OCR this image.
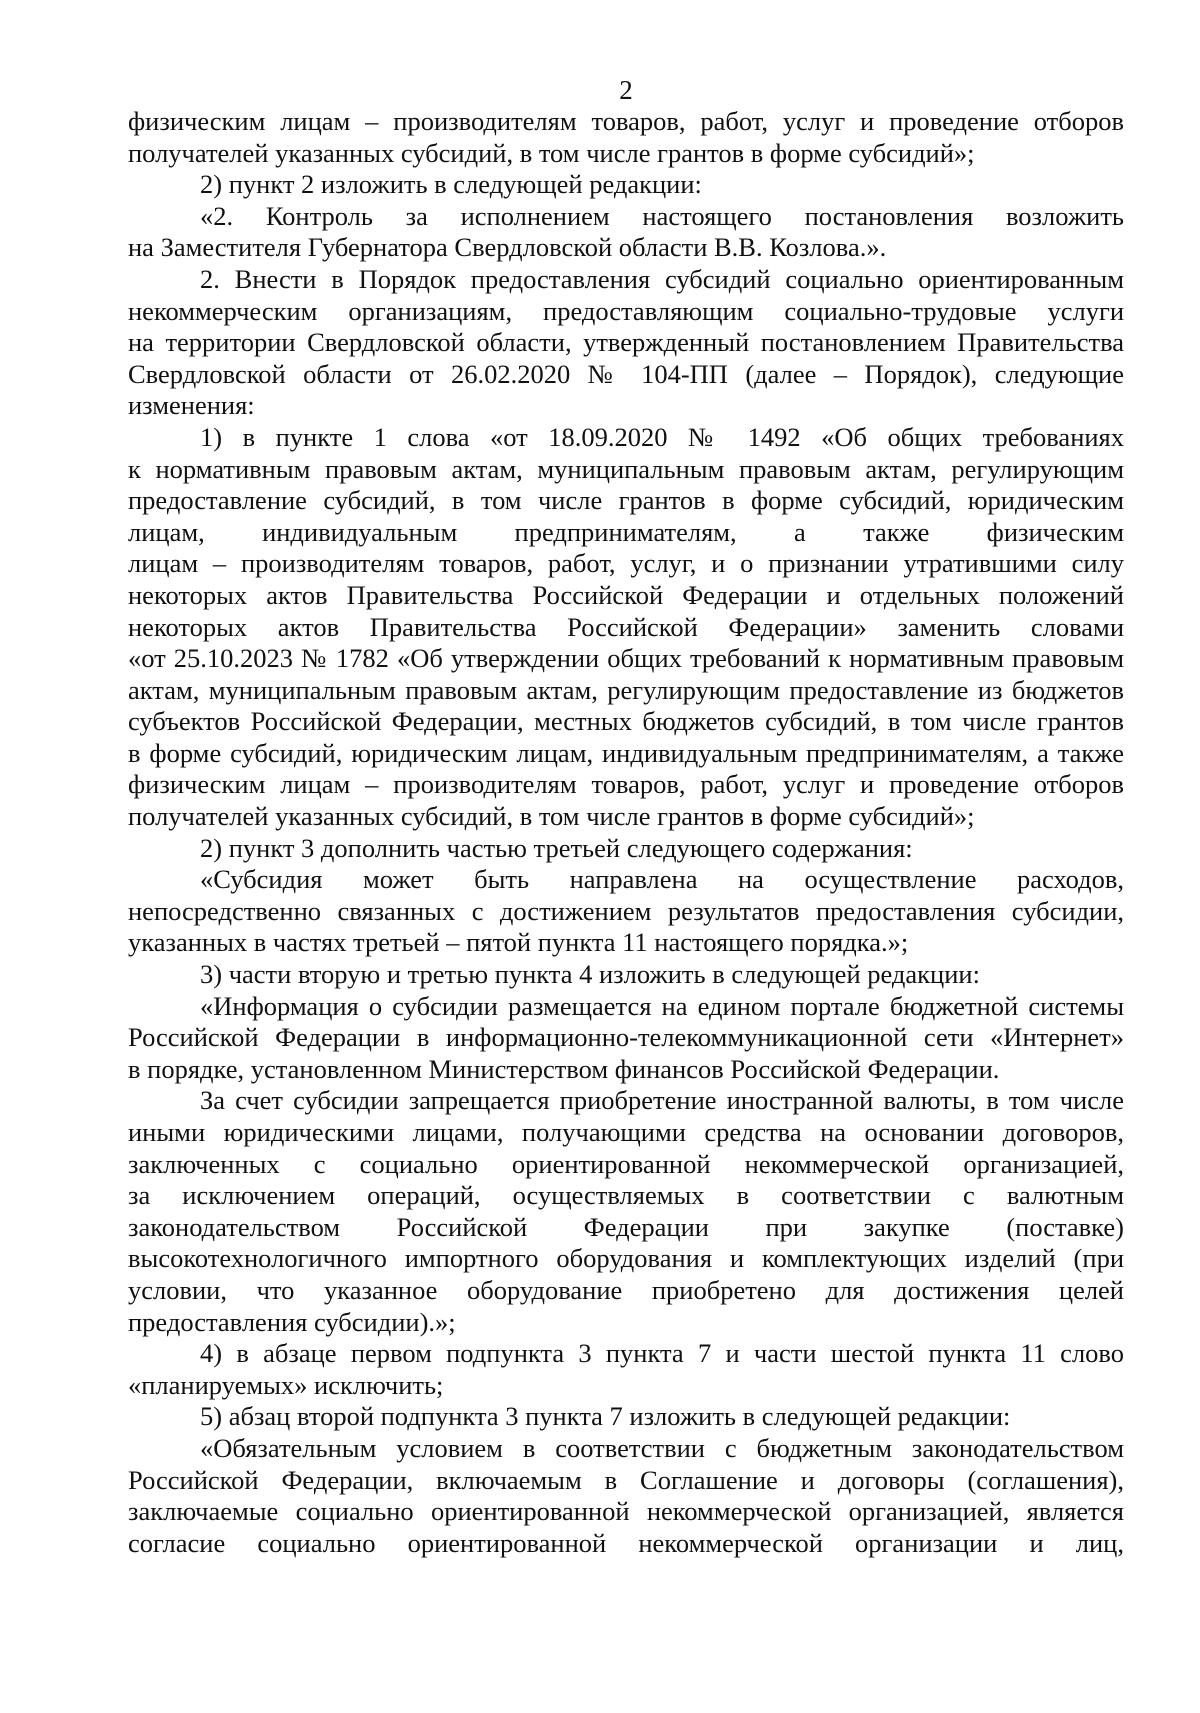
2
физическим лицам – производителям товаров, работ, услуг и проведение отборов
получателей указанных субсидий, в том числе грантов в форме субсидий»;
2) пункт 2 изложить в следующей редакции:
«2. Контроль за исполнением настоящего постановления возложить
на Заместителя Губернатора Свердловской области В.В. Козлова.».
2. Внести в Порядок предоставления субсидий социально ориентированным
некоммерческим организациям, предоставляющим социально-трудовые услуги
на территории Свердловской области, утвержденный постановлением Правительства
Свердловской области от 26.02.2020 № 104-ПП (далее – Порядок), следующие
изменения:
1) в пункте 1 слова «от 18.09.2020 № 1492 «Об общих требованиях
к нормативным правовым актам, муниципальным правовым актам, регулирующим
предоставление субсидий, в том числе грантов в форме субсидий, юридическим
лицам, индивидуальным предпринимателям, а также физическим
лицам – производителям товаров, работ, услуг, и о признании утратившими силу
некоторых актов Правительства Российской Федерации и отдельных положений
некоторых актов Правительства Российской Федерации» заменить словами
«от 25.10.2023 № 1782 «Об утверждении общих требований к нормативным правовым
актам, муниципальным правовым актам, регулирующим предоставление из бюджетов
субъектов Российской Федерации, местных бюджетов субсидий, в том числе грантов
в форме субсидий, юридическим лицам, индивидуальным предпринимателям, а также
физическим лицам – производителям товаров, работ, услуг и проведение отборов
получателей указанных субсидий, в том числе грантов в форме субсидий»;
2) пункт 3 дополнить частью третьей следующего содержания:
«Субсидия может быть направлена на осуществление расходов,
непосредственно связанных с достижением результатов предоставления субсидии,
указанных в частях третьей – пятой пункта 11 настоящего порядка.»;
3) части вторую и третью пункта 4 изложить в следующей редакции:
«Информация о субсидии размещается на едином портале бюджетной системы
Российской Федерации в информационно-телекоммуникационной сети «Интернет»
в порядке, установленном Министерством финансов Российской Федерации.
За счет субсидии запрещается приобретение иностранной валюты, в том числе
иными юридическими лицами, получающими средства на основании договоров,
заключенных с социально ориентированной некоммерческой организацией,
за исключением операций, осуществляемых в соответствии с валютным
законодательством Российской Федерации при закупке (поставке)
высокотехнологичного импортного оборудования и комплектующих изделий (при
условии, что указанное оборудование приобретено для достижения целей
предоставления субсидии).»;
4) в абзаце первом подпункта 3 пункта 7 и части шестой пункта 11 слово
«планируемых» исключить;
5) абзац второй подпункта 3 пункта 7 изложить в следующей редакции:
«Обязательным условием в соответствии с бюджетным законодательством
Российской Федерации, включаемым в Соглашение и договоры (соглашения),
заключаемые социально ориентированной некоммерческой организацией, является
согласие социально ориентированной некоммерческой организации и лиц,
